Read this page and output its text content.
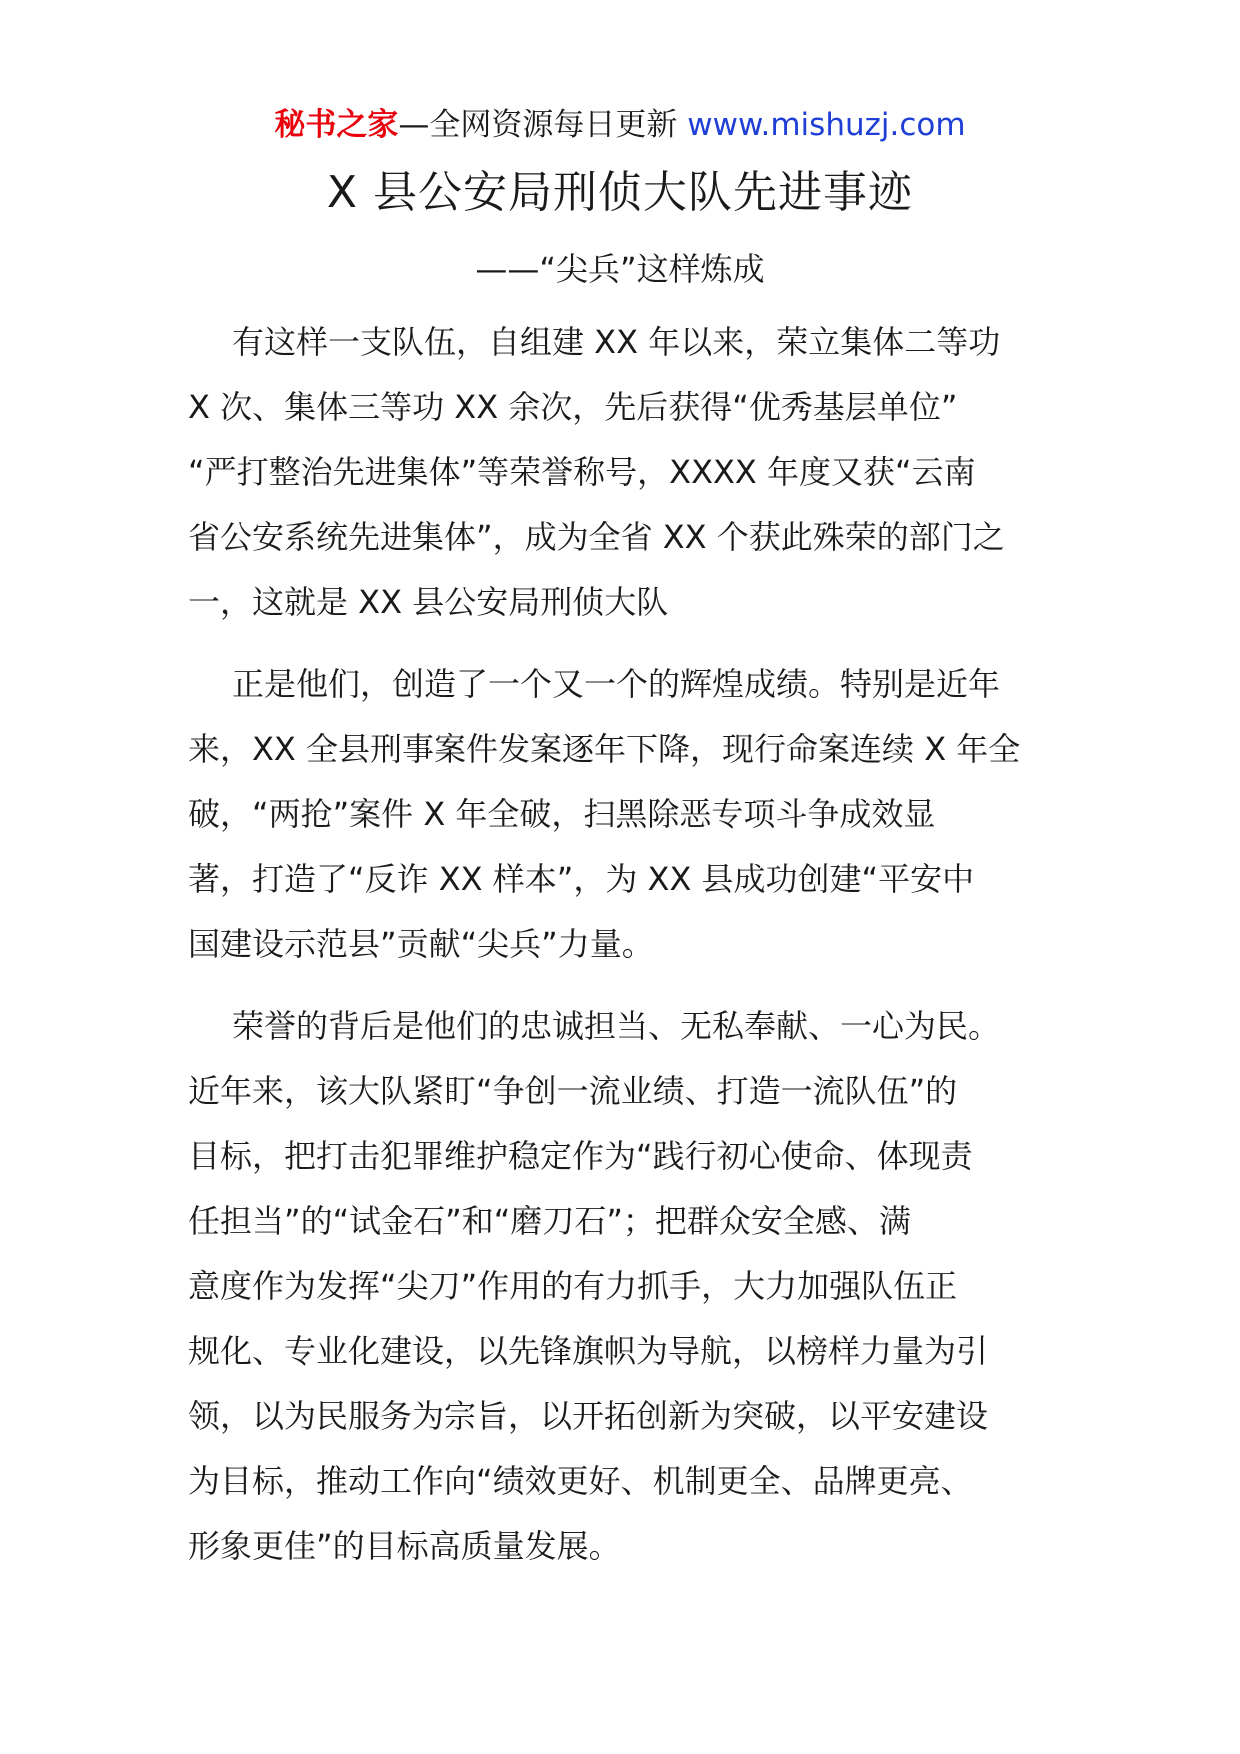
秘书之家—全网资源每日更新 www.mishuzj.com
X 县公安局刑侦大队先进事迹
——“尖兵”这样炼成

有这样一支队伍，自组建 XX 年以来，荣立集体二等功
X 次、集体三等功 XX 余次，先后获得“优秀基层单位”
“严打整治先进集体”等荣誉称号，XXXX 年度又获“云南
省公安系统先进集体”，成为全省 XX 个获此殊荣的部门之
一，这就是 XX 县公安局刑侦大队

正是他们，创造了一个又一个的辉煌成绩。特别是近年
来，XX 全县刑事案件发案逐年下降，现行命案连续 X 年全
破，“两抢”案件 X 年全破，扫黑除恶专项斗争成效显
著，打造了“反诈 XX 样本”，为 XX 县成功创建“平安中
国建设示范县”贡献“尖兵”力量。

荣誉的背后是他们的忠诚担当、无私奉献、一心为民。
近年来，该大队紧盯“争创一流业绩、打造一流队伍”的
目标，把打击犯罪维护稳定作为“践行初心使命、体现责
任担当”的“试金石”和“磨刀石”；把群众安全感、满
意度作为发挥“尖刀”作用的有力抓手，大力加强队伍正
规化、专业化建设，以先锋旗帜为导航，以榜样力量为引
领，以为民服务为宗旨，以开拓创新为突破，以平安建设
为目标，推动工作向“绩效更好、机制更全、品牌更亮、
形象更佳”的目标高质量发展。
